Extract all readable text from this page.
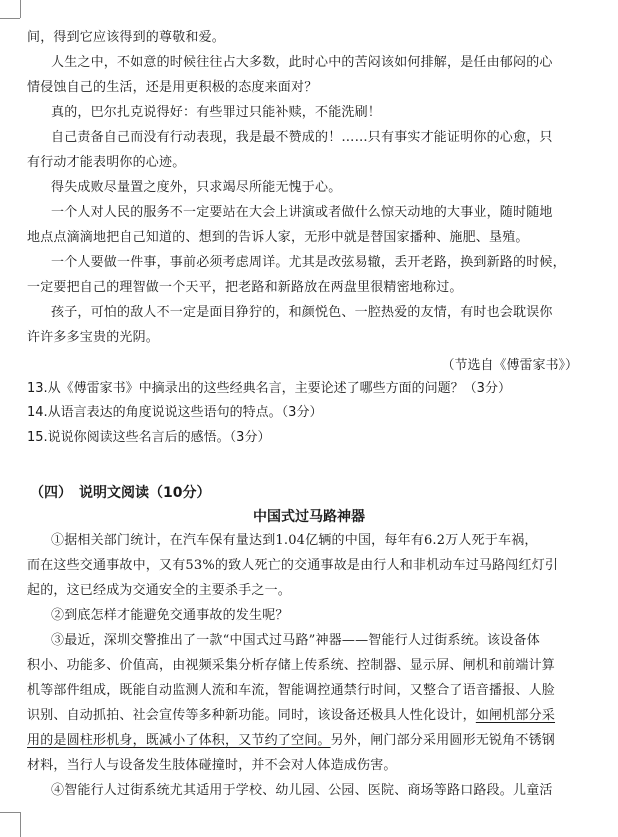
间，得到它应该得到的尊敬和爱。
人生之中，不如意的时候往往占大多数，此时心中的苦闷该如何排解，是任由郁闷的心
情侵蚀自己的生活，还是用更积极的态度来面对？
真的，巴尔扎克说得好：有些罪过只能补赎，不能洗刷！
自己责备自己而没有行动表现，我是最不赞成的！……只有事实才能证明你的心愈，只
有行动才能表明你的心迹。
得失成败尽量置之度外，只求竭尽所能无愧于心。
一个人对人民的服务不一定要站在大会上讲演或者做什么惊天动地的大事业，随时随地
地点点滴滴地把自己知道的、想到的告诉人家，无形中就是替国家播种、施肥、垦殖。
一个人要做一件事，事前必须考虑周详。尤其是改弦易辙，丢开老路，换到新路的时候，
一定要把自己的理智做一个天平，把老路和新路放在两盘里很精密地称过。
孩子，可怕的敌人不一定是面目狰狞的，和颜悦色、一腔热爱的友情，有时也会耽误你
许许多多宝贵的光阴。
（节选自《傅雷家书》）
13.从《傅雷家书》中摘录出的这些经典名言，主要论述了哪些方面的问题？（3分）
14.从语言表达的角度说说这些语句的特点。（3分）
15.说说你阅读这些名言后的感悟。（3分）
（四）　说明文阅读（10分）
中国式过马路神器
①据相关部门统计，在汽车保有量达到1.04亿辆的中国，每年有6.2万人死于车祸，
而在这些交通事故中，又有53%的致人死亡的交通事故是由行人和非机动车过马路闯红灯引
起的，这已经成为交通安全的主要杀手之一。
②到底怎样才能避免交通事故的发生呢？
③最近，深圳交警推出了一款“中国式过马路”神器——智能行人过街系统。该设备体
积小、功能多、价值高，由视频采集分析存储上传系统、控制器、显示屏、闸机和前端计算
机等部件组成，既能自动监测人流和车流，智能调控通禁行时间，又整合了语音播报、人脸
识别、自动抓拍、社会宣传等多种新功能。同时，该设备还极具人性化设计，如闸机部分采
用的是圆柱形机身，既减小了体积，又节约了空间。另外，闸门部分采用圆形无锐角不锈钢
材料，当行人与设备发生肢体碰撞时，并不会对人体造成伤害。
④智能行人过街系统尤其适用于学校、幼儿园、公园、医院、商场等路口路段。儿童活
